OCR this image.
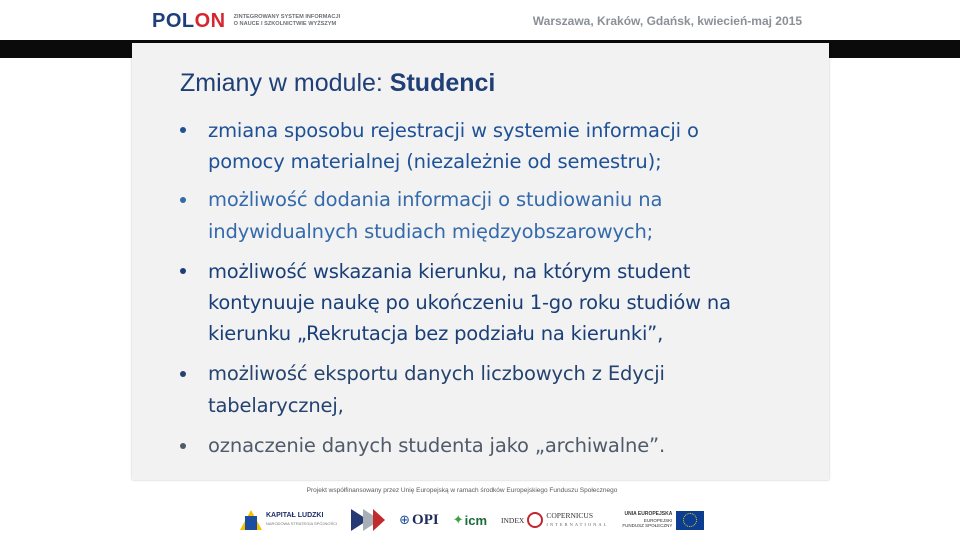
POL ON ZINTEGROWANY SYSTEM INFORMACJI
O NAUCE I SZKOLNICTWIE WYŻSZYM	Warszawa, Kraków, Gdańsk, kwiecień-maj 2015
Zmiany w module: Studenci
zmiana sposobu rejestracji w systemie informacji o
pomocy materialnej (niezależnie od semestru);
możliwość dodania informacji o studiowaniu na
indywidualnych studiach międzyobszarowych;
możliwość wskazania kierunku, na którym student
kontynuuje naukę po ukończeniu 1-go roku studiów na
kierunku „Rekrutacja bez podziału na kierunki”,
możliwość eksportu danych liczbowych z Edycji
tabelarycznej,
oznaczenie danych studenta jako „archiwalne”.
Projekt współfinansowany przez Unię Europejską w ramach środków Europejskiego Funduszu Społecznego
KAPITAŁ LUDZKI
NARODOWA STRATEGIA SPÓJNOŚCI	⊕ OPI ✦ icm INDEX	COPERNICUS
INTERNATIONAL
UNIA EUROPEJSKA
EUROPEJSKI
FUNDUSZ SPOŁECZNY
